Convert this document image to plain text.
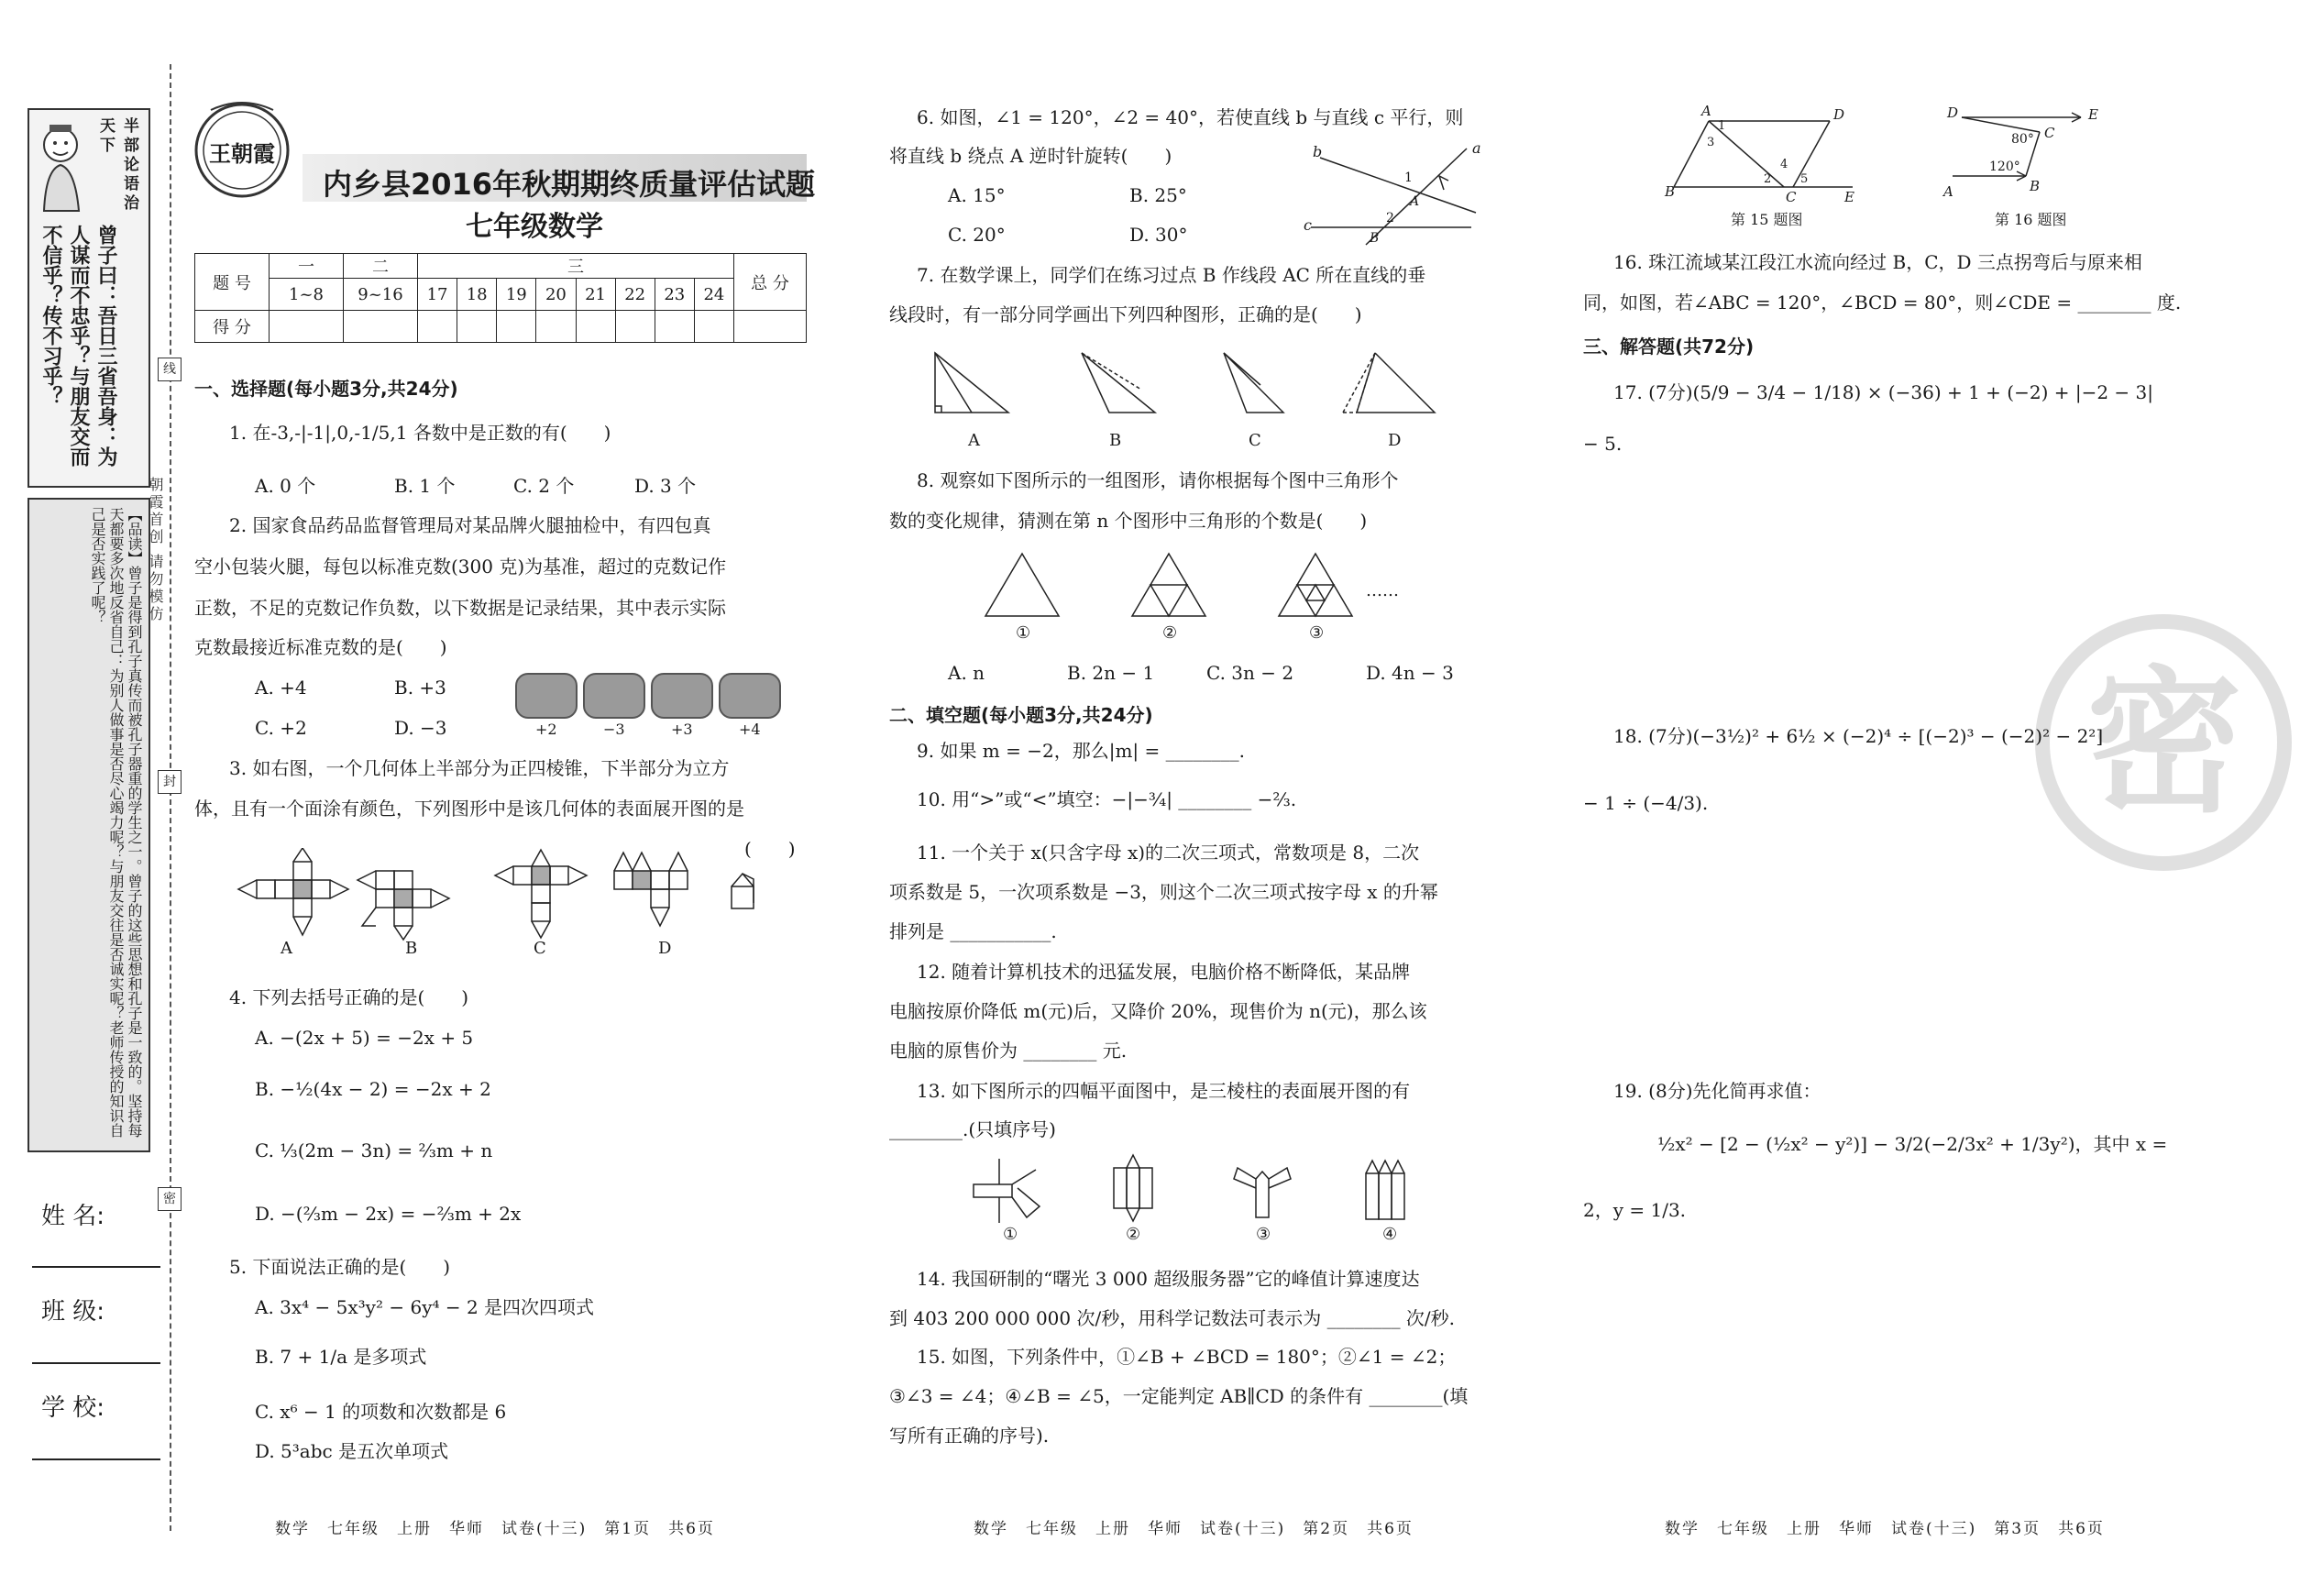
半部论语治天下
曾子曰：吾日三省吾身：为人谋而不忠乎？与朋友交而不信乎？传不习乎？
【品读】曾子是得到孔子真传而被孔子器重的学生之一。曾子的这些思想和孔子是一致的。坚持每天都要多次地反省自己：为别人做事是否尽心竭力呢？与朋友交往是否诚实呢？老师传授的知识自己是否实践了呢？
线
朝霞首创 请勿模仿
封
密
姓 名:
班 级:
学 校:
王朝霞
内乡县2016年秋期期终质量评估试题
七年级数学
题 号	一	二	三								总 分
	1~8	9~16	17	18	19	20	21	22	23	24	
得 分											
一、选择题(每小题3分,共24分)
1. 在-3,-|-1|,0,-1/5,1 各数中是正数的有(　　)
A. 0 个	B. 1 个	C. 2 个	D. 3 个
2. 国家食品药品监督管理局对某品牌火腿抽检中，有四包真
空小包装火腿，每包以标准克数(300 克)为基准，超过的克数记作
正数，不足的克数记作负数，以下数据是记录结果，其中表示实际
克数最接近标准克数的是(　　)
A. +4	B. +3
C. +2	D. −3	+2	−3	+3	+4
3. 如右图，一个几何体上半部分为正四棱锥，下半部分为立方
体，且有一个面涂有颜色，下列图形中是该几何体的表面展开图的是
(　　)
A	B	C	D
4. 下列去括号正确的是(　　)
A. −(2x + 5) = −2x + 5
B. −½(4x − 2) = −2x + 2
C. ⅓(2m − 3n) = ⅔m + n
D. −(⅔m − 2x) = −⅔m + 2x
5. 下面说法正确的是(　　)
A. 3x⁴ − 5x³y² − 6y⁴ − 2 是四次四项式
B. 7 + 1/a 是多项式
C. x⁶ − 1 的项数和次数都是 6
D. 5³abc 是五次单项式
数学　七年级　上册　华师　试卷(十三)　第1页　共6页
6. 如图，∠1 = 120°，∠2 = 40°，若使直线 b 与直线 c 平行，则
将直线 b 绕点 A 逆时针旋转(　　)
A. 15°	B. 25°
C. 20°	D. 30°
b	a
c
1
2
A
B
7. 在数学课上，同学们在练习过点 B 作线段 AC 所在直线的垂
线段时，有一部分同学画出下列四种图形，正确的是(　　)
A	B	C	D
8. 观察如下图所示的一组图形，请你根据每个图中三角形个
数的变化规律，猜测在第 n 个图形中三角形的个数是(　　)
①	②	③
……
A. n	B. 2n − 1	C. 3n − 2	D. 4n − 3
二、填空题(每小题3分,共24分)
9. 如果 m = −2，那么|m| = ________.
10. 用“>”或“<”填空：−|−¾| ________ −⅔.
11. 一个关于 x(只含字母 x)的二次三项式，常数项是 8，二次
项系数是 5，一次项系数是 −3，则这个二次三项式按字母 x 的升幂
排列是 ___________.
12. 随着计算机技术的迅猛发展，电脑价格不断降低，某品牌
电脑按原价降低 m(元)后，又降价 20%，现售价为 n(元)，那么该
电脑的原售价为 ________ 元.
13. 如下图所示的四幅平面图中，是三棱柱的表面展开图的有
________.(只填序号)
①	②	③	④
14. 我国研制的“曙光 3 000 超级服务器”它的峰值计算速度达
到 403 200 000 000 次/秒，用科学记数法可表示为 ________ 次/秒.
15. 如图，下列条件中，①∠B + ∠BCD = 180°；②∠1 = ∠2；
③∠3 = ∠4；④∠B = ∠5，一定能判定 AB∥CD 的条件有 ________(填
写所有正确的序号).
数学　七年级　上册　华师　试卷(十三)　第2页　共6页
A	D
1
3
4
2 5
B	C	E
第 15 题图
D	E
80° C
120°
A	B
第 16 题图
16. 珠江流域某江段江水流向经过 B，C，D 三点拐弯后与原来相
同，如图，若∠ABC = 120°，∠BCD = 80°，则∠CDE = ________ 度.
三、解答题(共72分)
17. (7分)(5/9 − 3/4 − 1/18) × (−36) + 1 + (−2) + |−2 − 3|
− 5.
密
18. (7分)(−3½)² + 6½ × (−2)⁴ ÷ [(−2)³ − (−2)² − 2²]
− 1 ÷ (−4/3).
19. (8分)先化简再求值：
½x² − [2 − (½x² − y²)] − 3/2(−2/3x² + 1/3y²)，其中 x =
2，y = 1/3.
数学　七年级　上册　华师　试卷(十三)　第3页　共6页
